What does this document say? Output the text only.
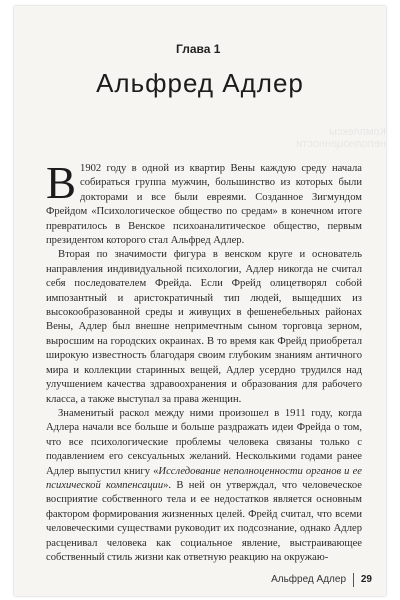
Комплексы неполноценности
Глава 1
Альфред Адлер

В 1902 году в одной из квартир Вены каждую среду начала собираться группа мужчин, большинство из которых были докторами и все были евреями. Созданное Зигмундом Фрейдом «Психологическое общество по средам» в конечном итоге превратилось в Венское психоаналитическое общество, первым президентом которого стал Альфред Адлер.

Вторая по значимости фигура в венском круге и основатель направления индивидуальной психологии, Адлер никогда не считал себя последователем Фрейда. Если Фрейд олицетворял собой импозантный и аристократичный тип людей, выщедших из высокообразованной среды и живущих в фешенебельных районах Вены, Адлер был внешне непримечтным сыном торговца зерном, выросшим на городских окраинах. В то время как Фрейд приобретал широкую известность благодаря своим глубоким знаниям античного мира и коллекции старинных вещей, Адлер усердно трудился над улучшением качества здравоохранения и образования для рабочего класса, а также выступал за права женщин.

Знаменитый раскол между ними произошел в 1911 году, когда Адлера начали все больше и больше раздражать идеи Фрейда о том, что все психологические проблемы человека связаны только с подавлением его сексуальных желаний. Несколькими годами ранее Адлер выпустил книгу «Исследование неполноценности органов и ее психической компенсации». В ней он утверждал, что человеческое восприятие собственного тела и ее недостатков является основным фактором формирования жизненных целей. Фрейд считал, что всеми человеческими существами руководит их подсознание, однако Адлер расценивал человека как социальное явление, выстраивающее собственный стиль жизни как ответную реакцию на окружаю-

Альфред Адлер 29
